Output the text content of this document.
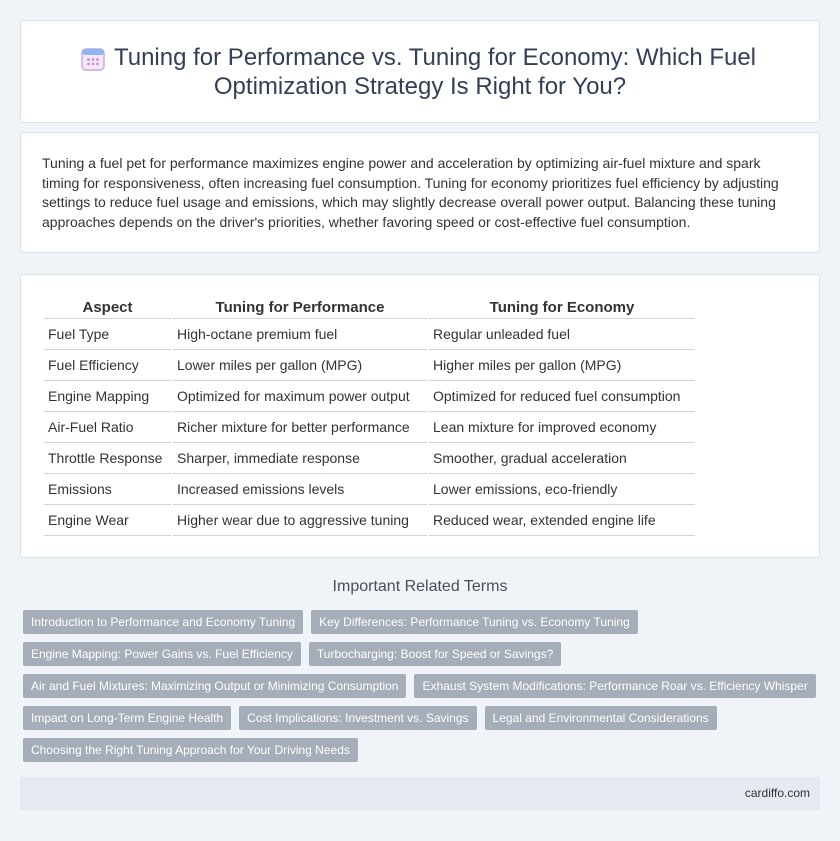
Tuning for Performance vs. Tuning for Economy: Which Fuel Optimization Strategy Is Right for You?

Tuning a fuel pet for performance maximizes engine power and acceleration by optimizing air-fuel mixture and spark timing for responsiveness, often increasing fuel consumption. Tuning for economy prioritizes fuel efficiency by adjusting settings to reduce fuel usage and emissions, which may slightly decrease overall power output. Balancing these tuning approaches depends on the driver's priorities, whether favoring speed or cost-effective fuel consumption.

Aspect	Tuning for Performance	Tuning for Economy
Fuel Type	High-octane premium fuel	Regular unleaded fuel
Fuel Efficiency	Lower miles per gallon (MPG)	Higher miles per gallon (MPG)
Engine Mapping	Optimized for maximum power output	Optimized for reduced fuel consumption
Air-Fuel Ratio	Richer mixture for better performance	Lean mixture for improved economy
Throttle Response	Sharper, immediate response	Smoother, gradual acceleration
Emissions	Increased emissions levels	Lower emissions, eco-friendly
Engine Wear	Higher wear due to aggressive tuning	Reduced wear, extended engine life
Important Related Terms
Introduction to Performance and Economy Tuning	Key Differences: Performance Tuning vs. Economy Tuning
Engine Mapping: Power Gains vs. Fuel Efficiency	Turbocharging: Boost for Speed or Savings?
Air and Fuel Mixtures: Maximizing Output or Minimizing Consumption	Exhaust System Modifications: Performance Roar vs. Efficiency Whisper
Impact on Long-Term Engine Health	Cost Implications: Investment vs. Savings	Legal and Environmental Considerations
Choosing the Right Tuning Approach for Your Driving Needs
cardiffo.com
